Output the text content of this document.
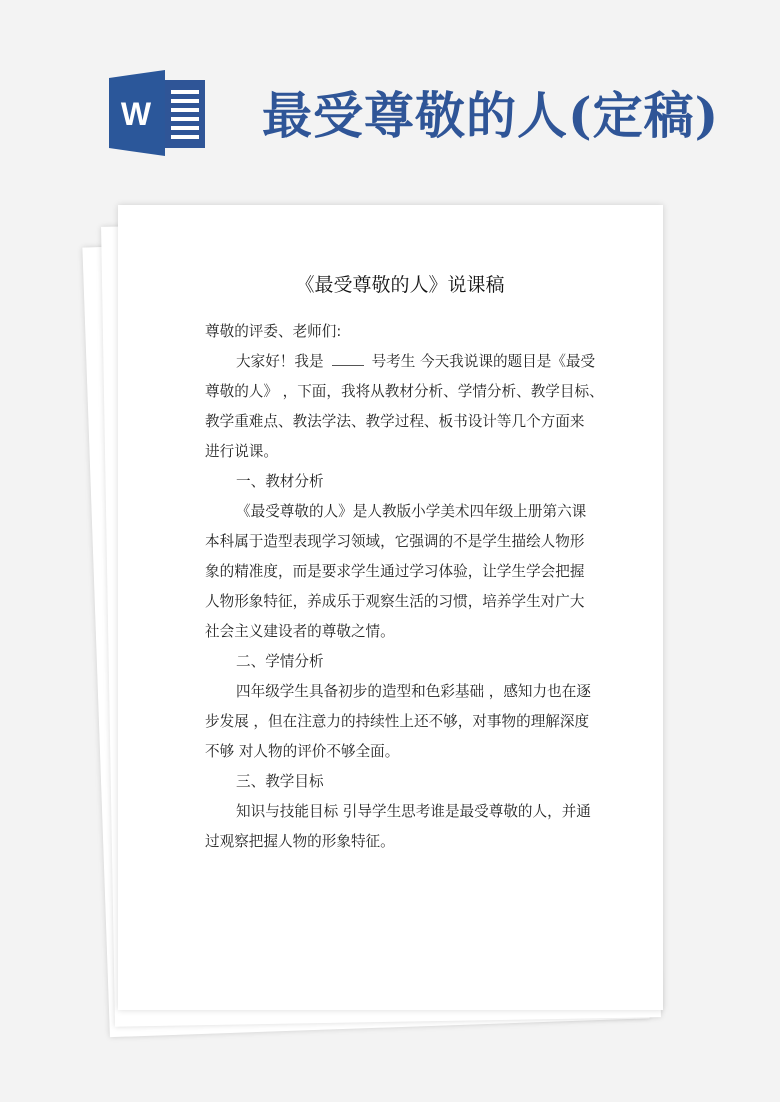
W 最受尊敬的人(定稿)
《最受尊敬的人》说课稿
尊敬的评委、老师们:
大家好！我是	号考生 今天我说课的题目是《最受
尊敬的人》 ，下面，我将从教材分析、学情分析、教学目标、
教学重难点、教法学法、教学过程、板书设计等几个方面来
进行说课。
一、教材分析
《最受尊敬的人》是人教版小学美术四年级上册第六课
本科属于造型表现学习领域，它强调的不是学生描绘人物形
象的精准度，而是要求学生通过学习体验，让学生学会把握
人物形象特征，养成乐于观察生活的习惯，培养学生对广大
社会主义建设者的尊敬之情。
二、学情分析
四年级学生具备初步的造型和色彩基础 ，感知力也在逐
步发展 ，但在注意力的持续性上还不够，对事物的理解深度
不够 对人物的评价不够全面。
三、教学目标
知识与技能目标 引导学生思考谁是最受尊敬的人，并通
过观察把握人物的形象特征。
